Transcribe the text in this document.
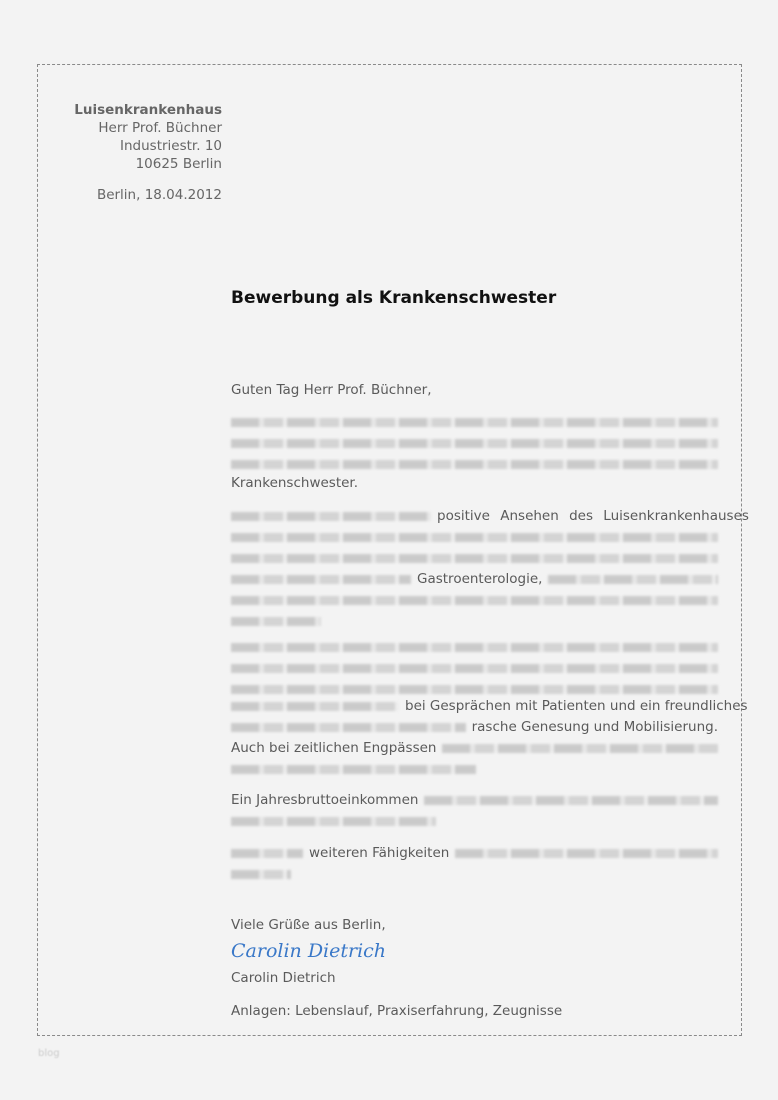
Luisenkrankenhaus
Herr Prof. Büchner
Industriestr. 10
10625 Berlin
Berlin, 18.04.2012
Bewerbung als Krankenschwester
Guten Tag Herr Prof. Büchner,
Krankenschwester.
positive Ansehen des Luisenkrankenhauses
Gastroenterologie,
bei Gesprächen mit Patienten und ein freundliches
rasche Genesung und Mobilisierung.
Auch bei zeitlichen Engpässen
Ein Jahresbruttoeinkommen
weiteren Fähigkeiten
Viele Grüße aus Berlin,
Carolin Dietrich
Carolin Dietrich
Anlagen: Lebenslauf, Praxiserfahrung, Zeugnisse
blog
